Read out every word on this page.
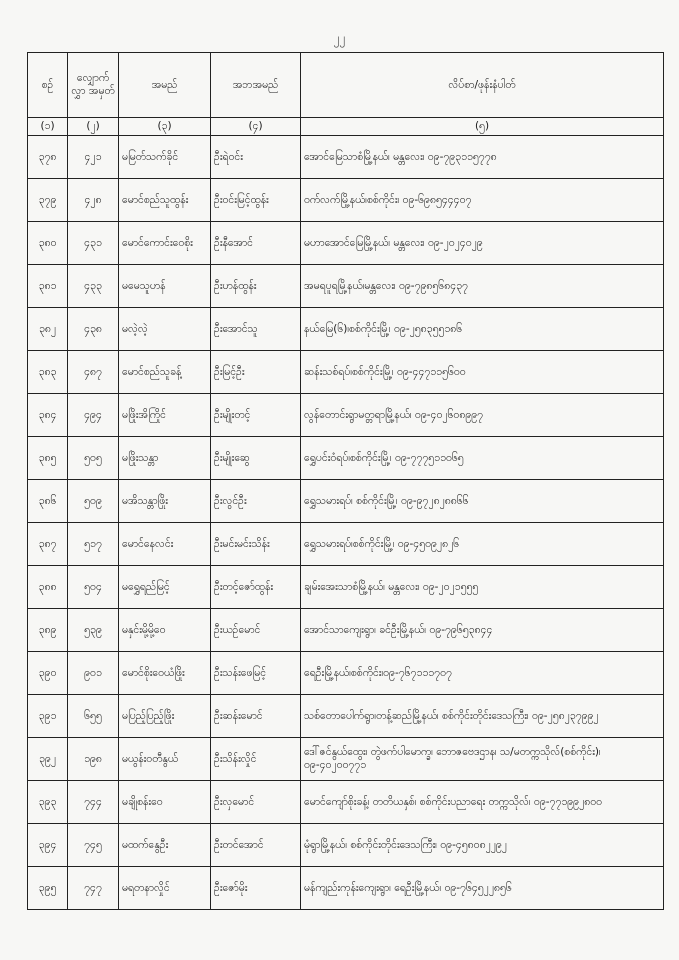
၂၂
စဉ်	လျှောက် လွှာ အမှတ်	အမည်	အဘအမည်	လိပ်စာ/ဖုန်းနံပါတ်
(၁)	(၂)	(၃)	(၄)	(၅)
၃၇၈	၄၂၁	မမြတ်သက်ခိုင်	ဦးရဲဝင်း	အောင်မြေသာစံမြို့နယ်၊ မန္တလေး၊ ၀၉-၇၉၃၁၁၅၇၇၈
၃၇၉	၄၂၈	မောင်စည်သူထွန်း	ဦးဝင်းမြင့်ထွန်း	ဝက်လက်မြို့နယ်၊စစ်ကိုင်း၊ ၀၉-၆၉၈၅၄၄၄၀၇
၃၈၀	၄၃၁	မောင်ကောင်းဝေစိုး	ဦးနီအောင်	မဟာအောင်မြေမြို့နယ်၊ မန္တလေး၊ ၀၉-၂၀၂၄၀၂၉
၃၈၁	၄၃၃	မမေသူဟန်	ဦးဟန်ထွန်း	အမရပူရမြို့နယ်၊မန္တလေး၊ ၀၉-၇၉၈၅၆၈၄၃၇
၃၈၂	၄၃၈	မလဲ့လဲ့	ဦးအောင်သူ	နယ်မြေ(၆)၊စစ်ကိုင်းမြို့၊ ၀၉-၂၅၈၃၅၅၁၈၆
၃၈၃	၄၈၇	မောင်စည်သူခန့်	ဦးမြင့်ဦး	ဆန်းသစ်ရပ်၊စစ်ကိုင်းမြို့၊ ၀၉-၄၄၇၁၁၅၆၀၀
၃၈၄	၄၉၄	မဖြိုးအိကြိုင်	ဦးမျိုးတင့်	လွန်တောင်းရွာမတ္တရာမြို့နယ်၊ ၀၉-၄၀၂၆၀၈၉၉၇
၃၈၅	၅၀၅	မဖြိုးသန္တာ	ဦးမျိုးဆွေ	ရွှေပင်းဝံရပ်၊စစ်ကိုင်းမြို့၊ ၀၉-၇၇၇၅၁၁၀၆၅
၃၈၆	၅၀၉	မအိသန္တာဖြိုး	ဦးလွင်ဦး	ရွှေသမားရပ်၊ စစ်ကိုင်းမြို့၊ ၀၉-၉၇၂၈၂၈၈၆၆
၃၈၇	၅၁၇	မောင်နေလင်း	ဦးမင်းမင်းသိန်း	ရွှေသမားရပ်၊စစ်ကိုင်းမြို့၊ ၀၉-၄၅၀၉၂၈၂၆
၃၈၈	၅၀၄	မရွှေရည်မြင့်	ဦးတင့်ဇော်ထွန်း	ချမ်းအေးသာစံမြို့နယ်၊ မန္တလေး၊ ၀၉-၂၀၂၁၅၅၅
၃၈၉	၅၃၉	မနှင်းမို့မို့ဝေ	ဦးယဉ်မောင်	အောင်သာကျေးရွာ၊ ခင်ဦးမြို့နယ်၊ ၀၉-၇၉၆၅၃၈၄၄
၃၉၀	၉၀၁	မောင်စိုးဝေယံဖြိုး	ဦးသန်းဖေမြင့်	ရေဦးမြို့နယ်၊စစ်ကိုင်း၊၀၉-၇၆၇၁၁၁၇၀၇
၃၉၁	၆၅၅	မပြည့်ပြည့်ဖြိုး	ဦးဆန်းမောင်	သစ်တောပေါက်ရွာ၊တန့်ဆည်မြို့နယ်၊ စစ်ကိုင်းတိုင်းဒေသကြီး၊ ၀၉-၂၅၈၂၃၇၉၉၂
၃၉၂	၁၉၈	မယွန်းဝတီနွယ်	ဦးသိန်းလှိုင်	ဒေါ်ဇင်နွယ်ထွေး၊ တွဲဖက်ပါမောက္ခ၊ ဘောဇဗေဒဌာန၊ သ/မတက္ကသိုလ်(စစ်ကိုင်း)၊ ၀၉-၄၀၂၀၀၇၇၁
၃၉၃	၇၄၄	မချိုစန်းဝေ	ဦးလှမောင်	မောင်ကျော်စိုးခန့်၊ တတိယနှစ်၊ စစ်ကိုင်းပညာရေး တက္ကသိုလ်၊ ၀၉-၇၇၁၉၉၂၈၀၀
၃၉၄	၇၄၅	မထက်နွေဦး	ဦးတင်အောင်	မုံရွာမြို့နယ်၊ စစ်ကိုင်းတိုင်းဒေသကြီး၊ ၀၉-၄၅၈၀၈၂၂၉၂
၃၉၅	၇၄၇	မရတနာလှိုင်	ဦးဇော်မိုး	မန်ကျည်းကုန်းကျေးရွာ၊ ရေဦးမြို့နယ်၊ ၀၉-၇၆၄၅၂၂၈၅၆
